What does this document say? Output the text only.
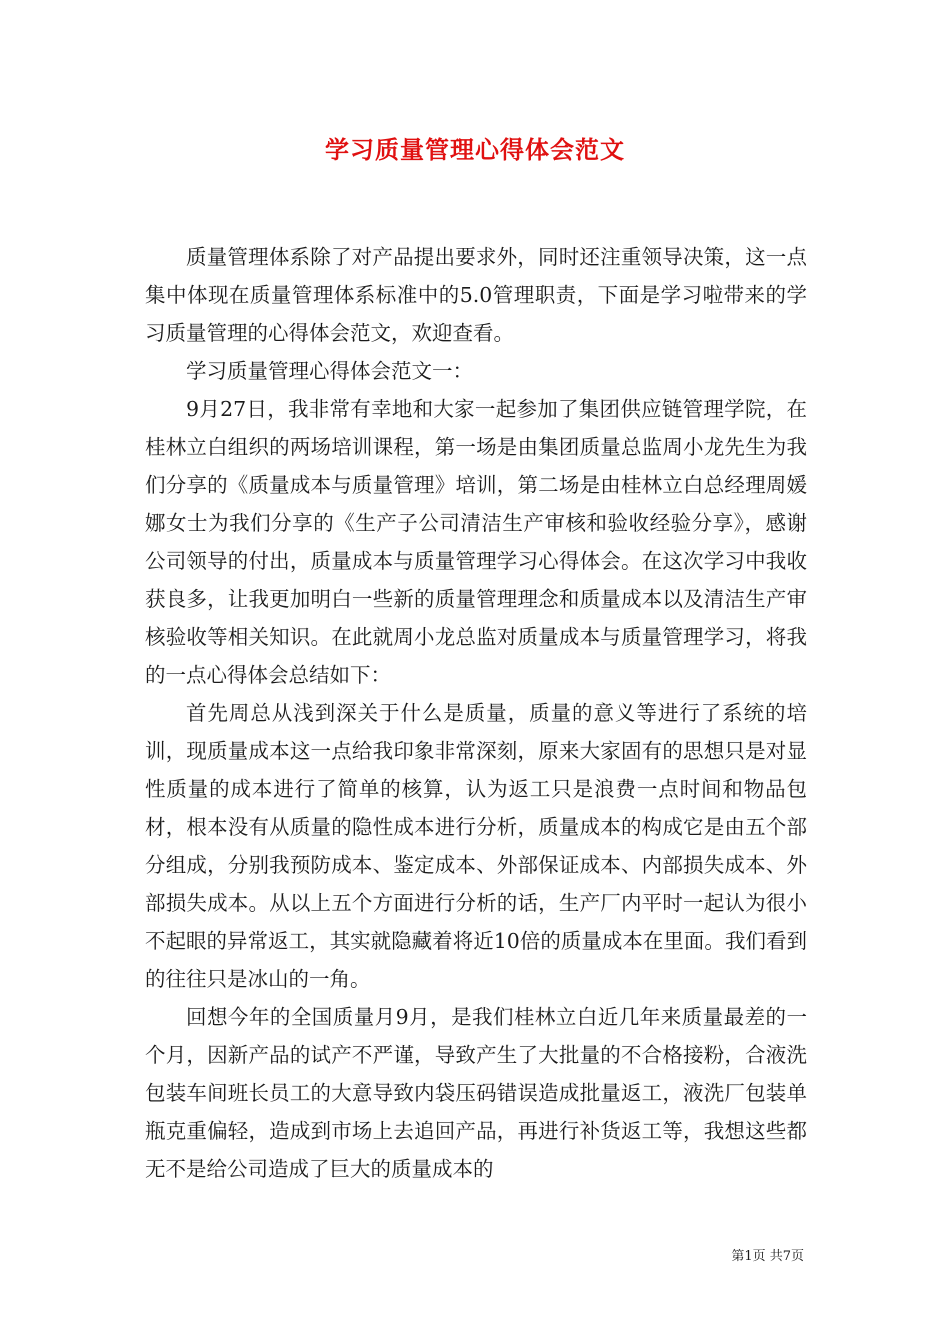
学习质量管理心得体会范文

质量管理体系除了对产品提出要求外，同时还注重领导决策，这一点集中体现在质量管理体系标准中的5.0管理职责，下面是学习啦带来的学习质量管理的心得体会范文，欢迎查看。

学习质量管理心得体会范文一：

9月27日，我非常有幸地和大家一起参加了集团供应链管理学院，在桂林立白组织的两场培训课程，第一场是由集团质量总监周小龙先生为我们分享的《质量成本与质量管理》培训，第二场是由桂林立白总经理周媛娜女士为我们分享的《生产子公司清洁生产审核和验收经验分享》，感谢公司领导的付出，质量成本与质量管理学习心得体会。在这次学习中我收获良多，让我更加明白一些新的质量管理理念和质量成本以及清洁生产审核验收等相关知识。在此就周小龙总监对质量成本与质量管理学习，将我的一点心得体会总结如下：

首先周总从浅到深关于什么是质量，质量的意义等进行了系统的培训，现质量成本这一点给我印象非常深刻，原来大家固有的思想只是对显性质量的成本进行了简单的核算，认为返工只是浪费一点时间和物品包材，根本没有从质量的隐性成本进行分析，质量成本的构成它是由五个部分组成，分别我预防成本、鉴定成本、外部保证成本、内部损失成本、外部损失成本。从以上五个方面进行分析的话，生产厂内平时一起认为很小不起眼的异常返工，其实就隐藏着将近10倍的质量成本在里面。我们看到的往往只是冰山的一角。

回想今年的全国质量月9月，是我们桂林立白近几年来质量最差的一个月，因新产品的试产不严谨，导致产生了大批量的不合格接粉，合液洗包装车间班长员工的大意导致内袋压码错误造成批量返工，液洗厂包装单瓶克重偏轻，造成到市场上去追回产品，再进行补货返工等，我想这些都无不是给公司造成了巨大的质量成本的

第1页 共7页
